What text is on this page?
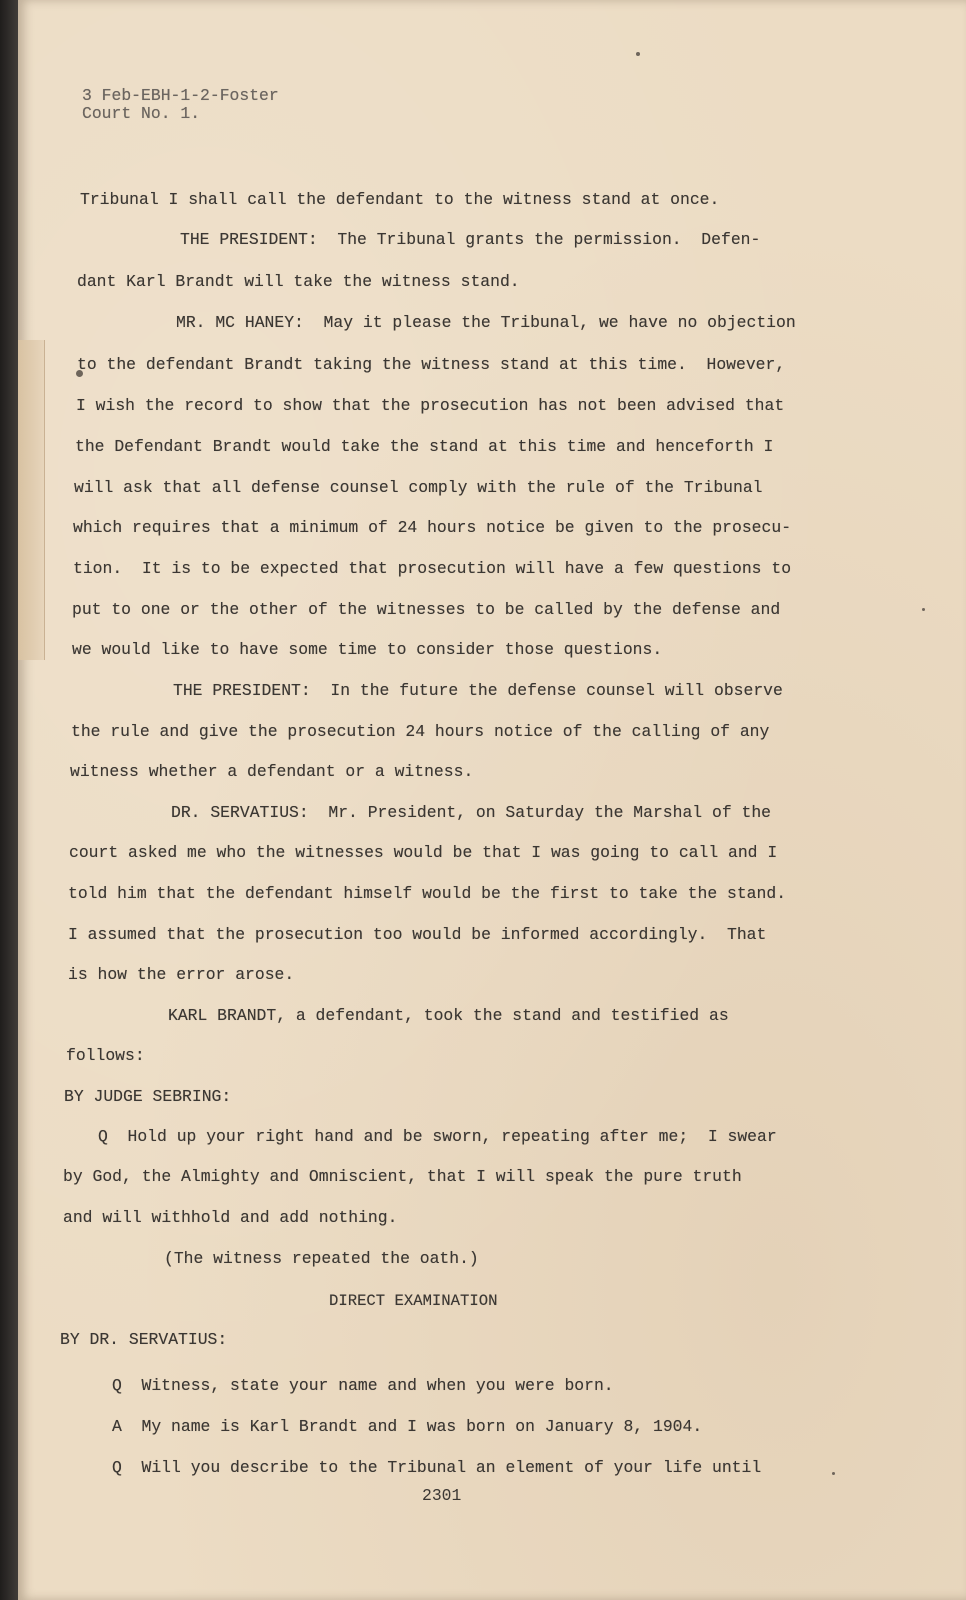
3 Feb-EBH-1-2-Foster

Court No. 1.

Tribunal I shall call the defendant to the witness stand at once.

THE PRESIDENT:  The Tribunal grants the permission.  Defen-

dant Karl Brandt will take the witness stand.

MR. MC HANEY:  May it please the Tribunal, we have no objection

to the defendant Brandt taking the witness stand at this time.  However,

I wish the record to show that the prosecution has not been advised that

the Defendant Brandt would take the stand at this time and henceforth I

will ask that all defense counsel comply with the rule of the Tribunal

which requires that a minimum of 24 hours notice be given to the prosecu-

tion.  It is to be expected that prosecution will have a few questions to

put to one or the other of the witnesses to be called by the defense and

we would like to have some time to consider those questions.

THE PRESIDENT:  In the future the defense counsel will observe

the rule and give the prosecution 24 hours notice of the calling of any

witness whether a defendant or a witness.

DR. SERVATIUS:  Mr. President, on Saturday the Marshal of the

court asked me who the witnesses would be that I was going to call and I

told him that the defendant himself would be the first to take the stand.

I assumed that the prosecution too would be informed accordingly.  That

is how the error arose.

KARL BRANDT, a defendant, took the stand and testified as

follows:

BY JUDGE SEBRING:

Q  Hold up your right hand and be sworn, repeating after me;  I swear

by God, the Almighty and Omniscient, that I will speak the pure truth

and will withhold and add nothing.

(The witness repeated the oath.)

DIRECT EXAMINATION

BY DR. SERVATIUS:

Q  Witness, state your name and when you were born.

A  My name is Karl Brandt and I was born on January 8, 1904.

Q  Will you describe to the Tribunal an element of your life until

2301
